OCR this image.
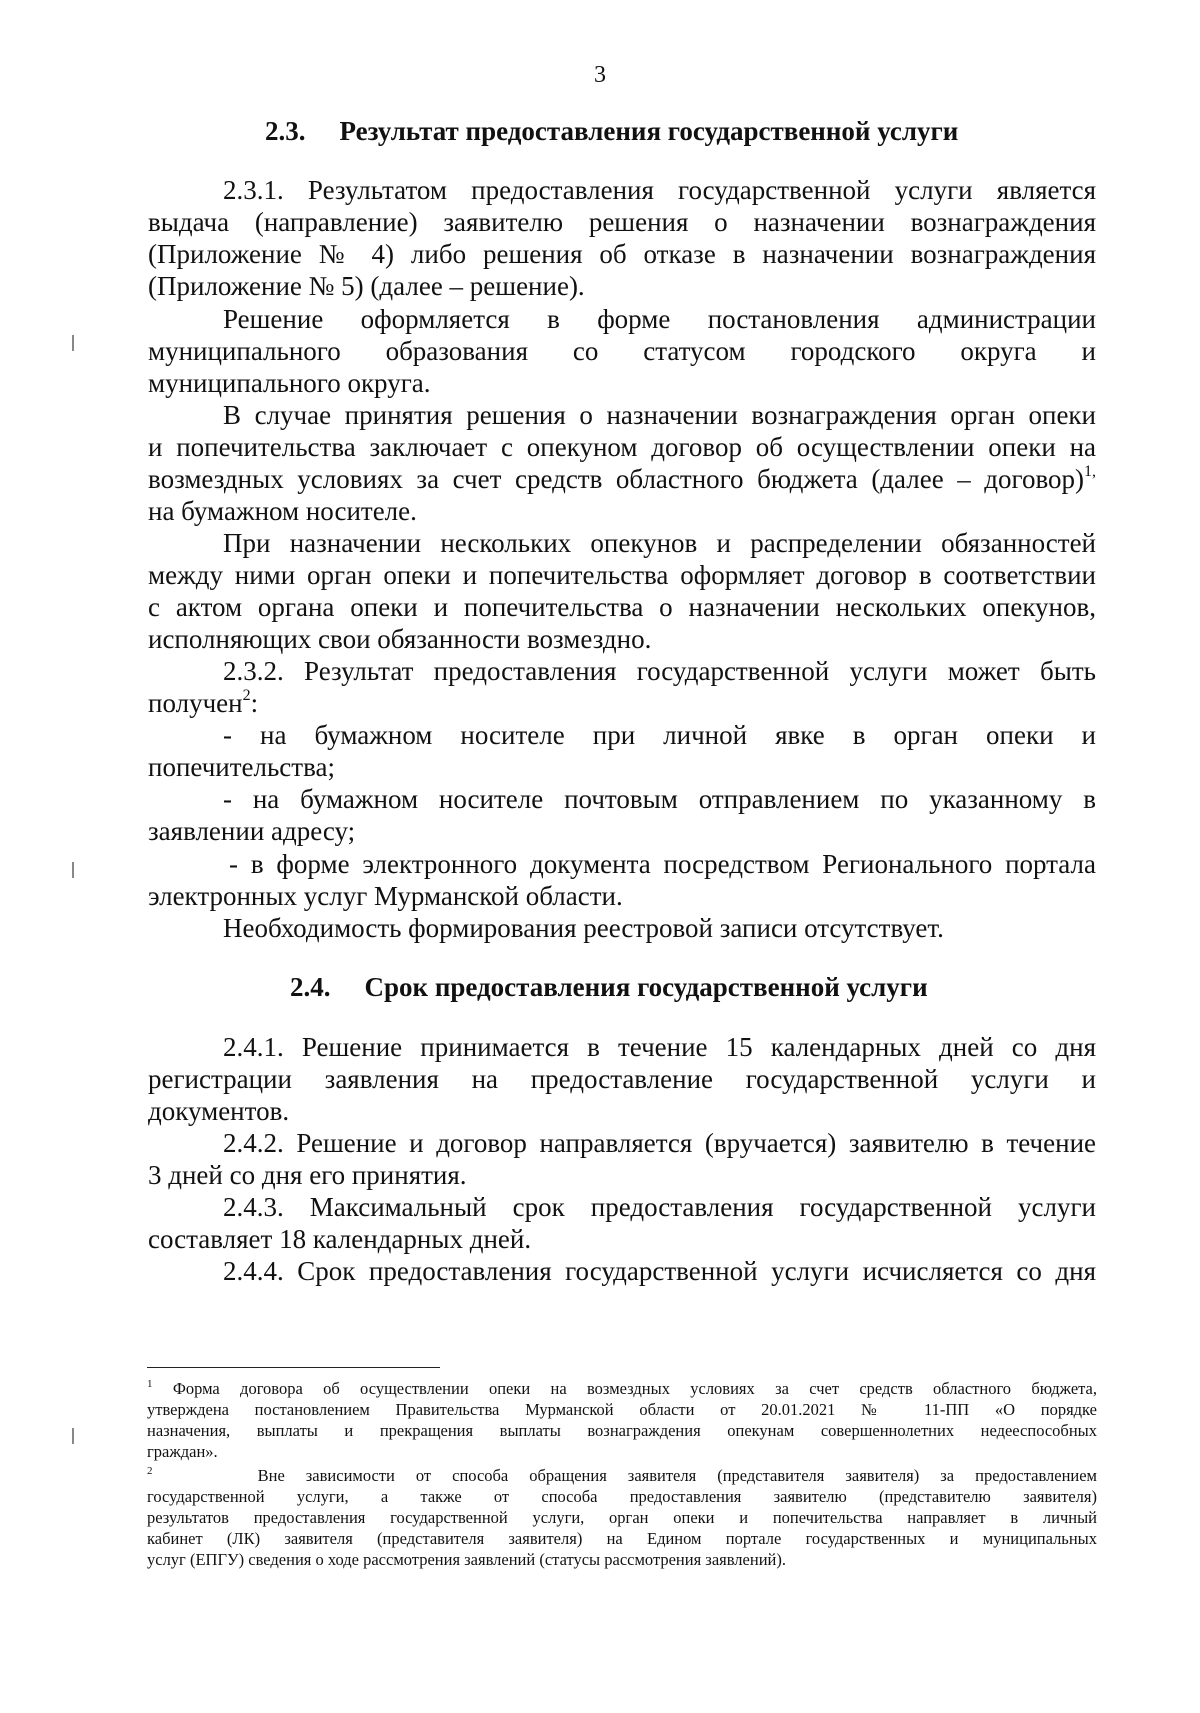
3
2.3. Результат предоставления государственной услуги
2.3.1. Результатом предоставления государственной услуги является
выдача (направление) заявителю решения о назначении вознаграждения
(Приложение № 4) либо решения об отказе в назначении вознаграждения
(Приложение № 5) (далее – решение).
Решение оформляется в форме постановления администрации
муниципального образования со статусом городского округа и
муниципального округа.
В случае принятия решения о назначении вознаграждения орган опеки
и попечительства заключает с опекуном договор об осуществлении опеки на
возмездных условиях за счет средств областного бюджета (далее – договор)$^{1,}$
на бумажном носителе.
При назначении нескольких опекунов и распределении обязанностей
между ними орган опеки и попечительства оформляет договор в соответствии
с актом органа опеки и попечительства о назначении нескольких опекунов,
исполняющих свои обязанности возмездно.
2.3.2. Результат предоставления государственной услуги может быть
получен$^2$:
- на бумажном носителе при личной явке в орган опеки и
попечительства;
- на бумажном носителе почтовым отправлением по указанному в
заявлении адресу;
- в форме электронного документа посредством Регионального портала
электронных услуг Мурманской области.
Необходимость формирования реестровой записи отсутствует.
2.4. Срок предоставления государственной услуги
2.4.1. Решение принимается в течение 15 календарных дней со дня
регистрации заявления на предоставление государственной услуги и
документов.
2.4.2. Решение и договор направляется (вручается) заявителю в течение
3 дней со дня его принятия.
2.4.3. Максимальный срок предоставления государственной услуги
составляет 18 календарных дней.
2.4.4. Срок предоставления государственной услуги исчисляется со дня
$^1$ Форма договора об осуществлении опеки на возмездных условиях за счет средств областного бюджета,
утверждена постановлением Правительства Мурманской области от 20.01.2021 № 11-ПП «О порядке
назначения, выплаты и прекращения выплаты вознаграждения опекунам совершеннолетних недееспособных
граждан».
$^2$	Вне зависимости от способа обращения заявителя (представителя заявителя) за предоставлением
государственной услуги, а также от способа предоставления заявителю (представителю заявителя)
результатов предоставления государственной услуги, орган опеки и попечительства направляет в личный
кабинет (ЛК) заявителя (представителя заявителя) на Едином портале государственных и муниципальных
услуг (ЕПГУ) сведения о ходе рассмотрения заявлений (статусы рассмотрения заявлений).
